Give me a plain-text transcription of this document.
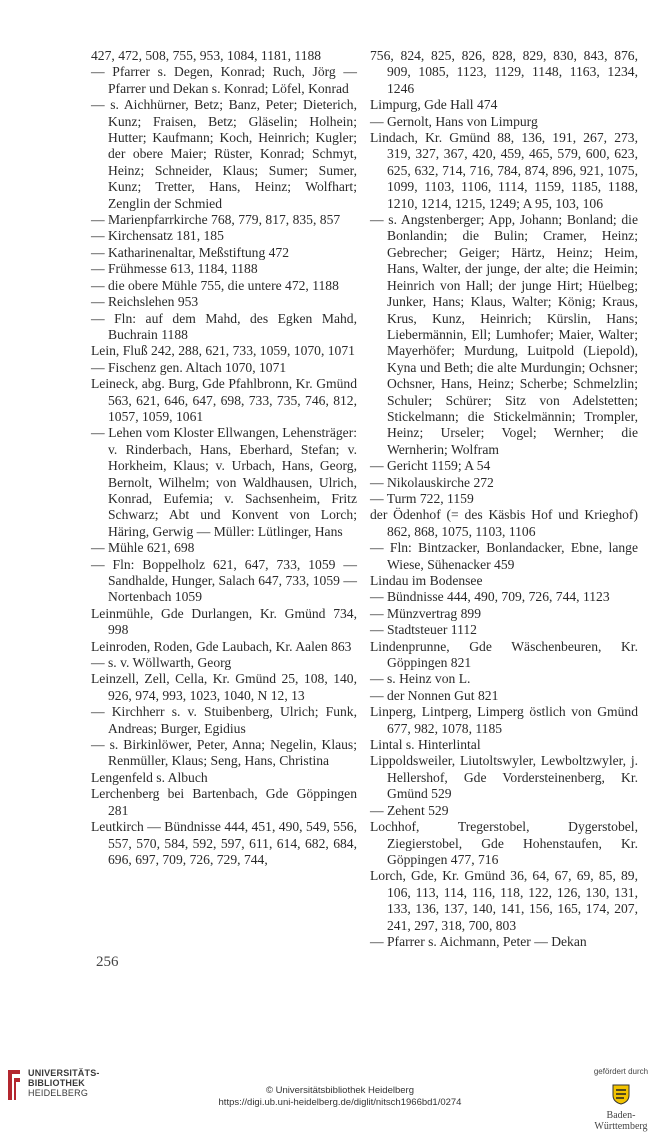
427, 472, 508, 755, 953, 1084, 1181, 1188

— Pfarrer s. Degen, Konrad; Ruch, Jörg — Pfarrer und Dekan s. Konrad; Löfel, Konrad

— s. Aichhürner, Betz; Banz, Peter; Dieterich, Kunz; Fraisen, Betz; Gläselin; Holhein; Hutter; Kaufmann; Koch, Heinrich; Kugler; der obere Maier; Rüster, Konrad; Schmyt, Heinz; Schneider, Klaus; Sumer; Sumer, Kunz; Tretter, Hans, Heinz; Wolfhart; Zenglin der Schmied

— Marienpfarrkirche 768, 779, 817, 835, 857

— Kirchensatz 181, 185

— Katharinenaltar, Meßstiftung 472

— Frühmesse 613, 1184, 1188

— die obere Mühle 755, die untere 472, 1188

— Reichslehen 953

— Fln: auf dem Mahd, des Egken Mahd, Buchrain 1188

Lein, Fluß 242, 288, 621, 733, 1059, 1070, 1071

— Fischenz gen. Altach 1070, 1071

Leineck, abg. Burg, Gde Pfahlbronn, Kr. Gmünd 563, 621, 646, 647, 698, 733, 735, 746, 812, 1057, 1059, 1061

— Lehen vom Kloster Ellwangen, Lehensträger: v. Rinderbach, Hans, Eberhard, Stefan; v. Horkheim, Klaus; v. Urbach, Hans, Georg, Bernolt, Wilhelm; von Waldhausen, Ulrich, Konrad, Eufemia; v. Sachsenheim, Fritz Schwarz; Abt und Konvent von Lorch; Häring, Gerwig — Müller: Lütlinger, Hans

— Mühle 621, 698

— Fln: Boppelholz 621, 647, 733, 1059 — Sandhalde, Hunger, Salach 647, 733, 1059 — Nortenbach 1059

Leinmühle, Gde Durlangen, Kr. Gmünd 734, 998

Leinroden, Roden, Gde Laubach, Kr. Aalen 863

— s. v. Wöllwarth, Georg

Leinzell, Zell, Cella, Kr. Gmünd 25, 108, 140, 926, 974, 993, 1023, 1040, N 12, 13

— Kirchherr s. v. Stuibenberg, Ulrich; Funk, Andreas; Burger, Egidius

— s. Birkinlöwer, Peter, Anna; Negelin, Klaus; Renmüller, Klaus; Seng, Hans, Christina

Lengenfeld s. Albuch

Lerchenberg bei Bartenbach, Gde Göppingen 281

Leutkirch — Bündnisse 444, 451, 490, 549, 556, 557, 570, 584, 592, 597, 611, 614, 682, 684, 696, 697, 709, 726, 729, 744,

756, 824, 825, 826, 828, 829, 830, 843, 876, 909, 1085, 1123, 1129, 1148, 1163, 1234, 1246

Limpurg, Gde Hall 474

— Gernolt, Hans von Limpurg

Lindach, Kr. Gmünd 88, 136, 191, 267, 273, 319, 327, 367, 420, 459, 465, 579, 600, 623, 625, 632, 714, 716, 784, 874, 896, 921, 1075, 1099, 1103, 1106, 1114, 1159, 1185, 1188, 1210, 1214, 1215, 1249; A 95, 103, 106

— s. Angstenberger; App, Johann; Bonland; die Bonlandin; die Bulin; Cramer, Heinz; Gebrecher; Geiger; Härtz, Heinz; Heim, Hans, Walter, der junge, der alte; die Heimin; Heinrich von Hall; der junge Hirt; Hüelbeg; Junker, Hans; Klaus, Walter; König; Kraus, Krus, Kunz, Heinrich; Kürslin, Hans; Liebermännin, Ell; Lumhofer; Maier, Walter; Mayerhöfer; Murdung, Luitpold (Liepold), Kyna und Beth; die alte Murdungin; Ochsner; Ochsner, Hans, Heinz; Scherbe; Schmelzlin; Schuler; Schürer; Sitz von Adelstetten; Stickelmann; die Stickelmännin; Trompler, Heinz; Urseler; Vogel; Wernher; die Wernherin; Wolfram

— Gericht 1159; A 54

— Nikolauskirche 272

— Turm 722, 1159

der Ödenhof (= des Käsbis Hof und Krieghof) 862, 868, 1075, 1103, 1106

— Fln: Bintzacker, Bonlandacker, Ebne, lange Wiese, Sühenacker 459

Lindau im Bodensee

— Bündnisse 444, 490, 709, 726, 744, 1123

— Münzvertrag 899

— Stadtsteuer 1112

Lindenprunne, Gde Wäschenbeuren, Kr. Göppingen 821

— s. Heinz von L.

— der Nonnen Gut 821

Linperg, Lintperg, Limperg östlich von Gmünd 677, 982, 1078, 1185

Lintal s. Hinterlintal

Lippoldsweiler, Liutoltswyler, Lewboltzwyler, j. Hellershof, Gde Vordersteinenberg, Kr. Gmünd 529

— Zehent 529

Lochhof, Tregerstobel, Dygerstobel, Ziegierstobel, Gde Hohenstaufen, Kr. Göppingen 477, 716

Lorch, Gde, Kr. Gmünd 36, 64, 67, 69, 85, 89, 106, 113, 114, 116, 118, 122, 126, 130, 131, 133, 136, 137, 140, 141, 156, 165, 174, 207, 241, 297, 318, 700, 803

— Pfarrer s. Aichmann, Peter — Dekan

256
UNIVERSITÄTS-
BIBLIOTHEK
HEIDELBERG	© Universitätsbibliothek Heidelberg
https://digi.ub.uni-heidelberg.de/diglit/nitsch1966bd1/0274
gefördert durch
Baden-Württemberg
